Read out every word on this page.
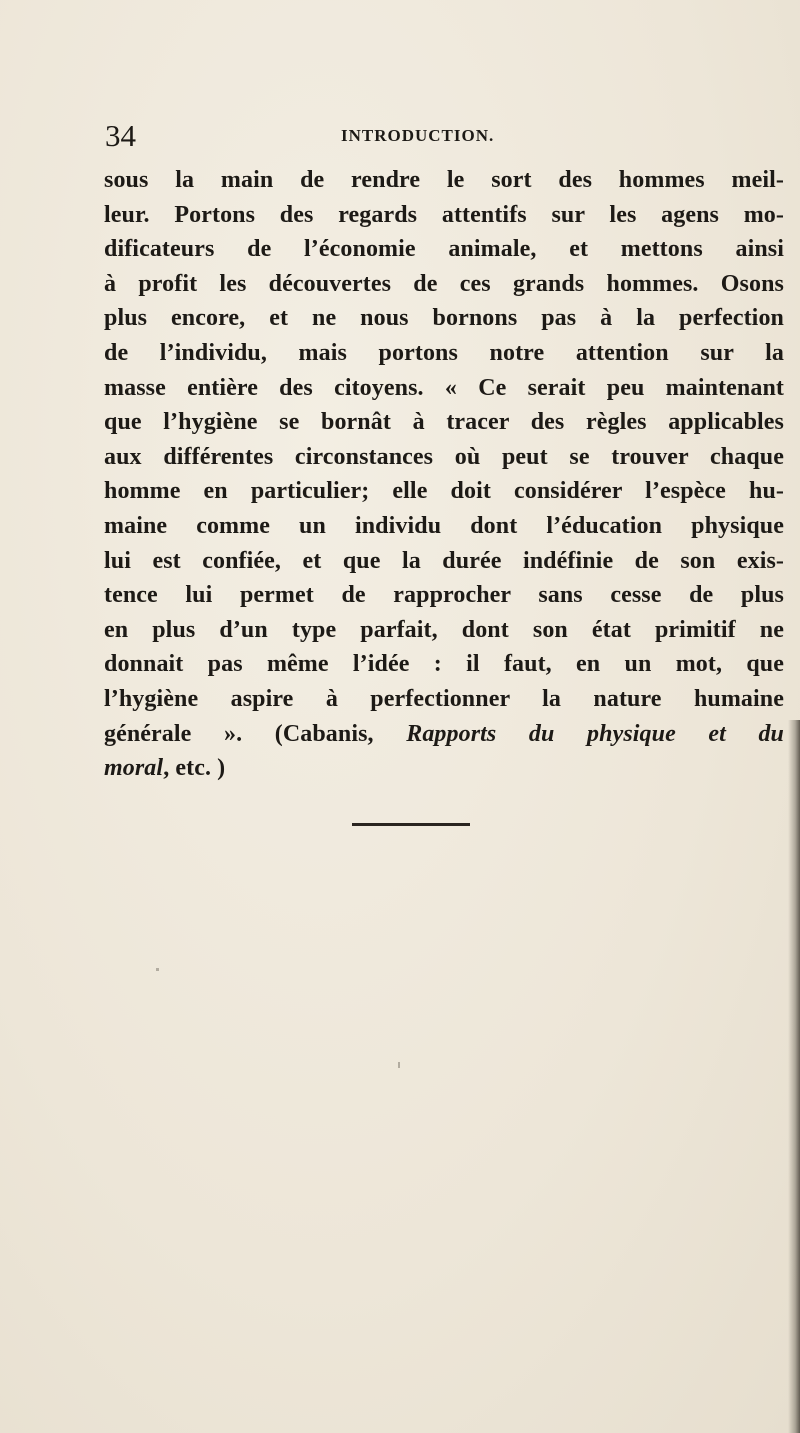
34	INTRODUCTION.
sous la main de rendre le sort des hommes meil-
leur. Portons des regards attentifs sur les agens mo-
dificateurs de l’économie animale, et mettons ainsi
à profit les découvertes de ces grands hommes. Osons
plus encore, et ne nous bornons pas à la perfection
de l’individu, mais portons notre attention sur la
masse entière des citoyens. « Ce serait peu maintenant
que l’hygiène se bornât à tracer des règles applicables
aux différentes circonstances où peut se trouver chaque
homme en particulier; elle doit considérer l’espèce hu-
maine comme un individu dont l’éducation physique
lui est confiée, et que la durée indéfinie de son exis-
tence lui permet de rapprocher sans cesse de plus
en plus d’un type parfait, dont son état primitif ne
donnait pas même l’idée : il faut, en un mot, que
l’hygiène aspire à perfectionner la nature humaine
générale ». (Cabanis, Rapports du physique et du
moral, etc. )
